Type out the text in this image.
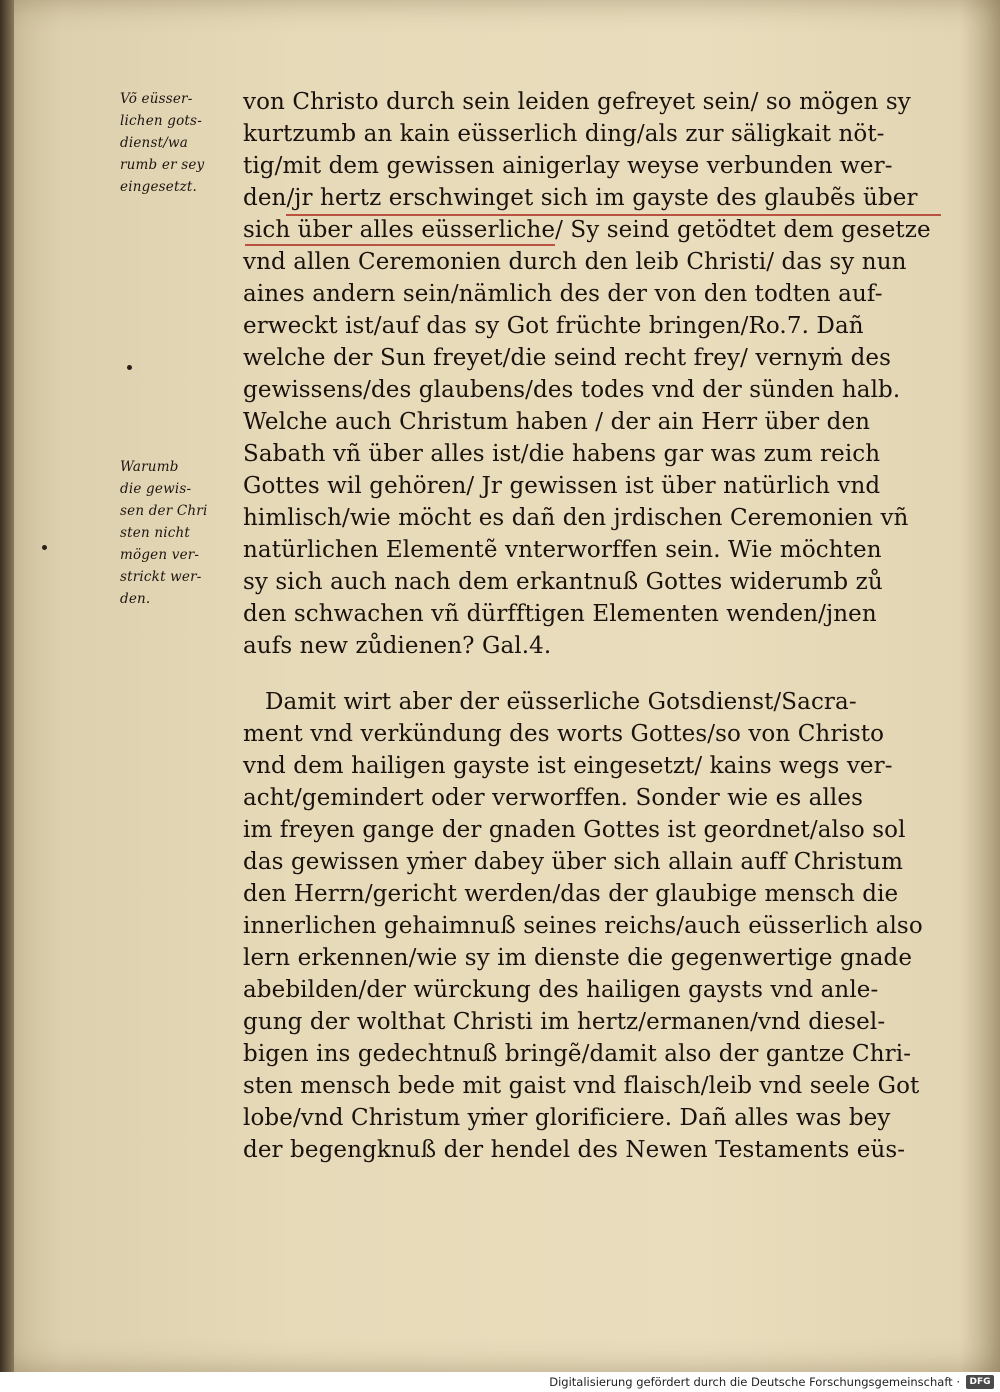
Võ eüsser-
lichen gots-
dienst/wa
rumb er sey
eingesetzt.
Warumb
die gewis-
sen der Chri
sten nicht
mögen ver-
strickt wer-
den.
von Christo durch sein leiden gefreyet sein/ so mögen sy
kurtzumb an kain eüsserlich ding/als zur säligkait nöt-
tig/mit dem gewissen ainigerlay weyse verbunden wer-
den/jr hertz erschwinget sich im gayste des glaubẽs über
sich über alles eüsserliche/ Sy seind getödtet dem gesetze
vnd allen Ceremonien durch den leib Christi/ das sy nun
aines andern sein/nämlich des der von den todten auf-
erweckt ist/auf das sy Got früchte bringen/Ro.7. Dañ
welche der Sun freyet/die seind recht frey/ vernyṁ des
gewissens/des glaubens/des todes vnd der sünden halb.
Welche auch Christum haben / der ain Herr über den
Sabath vñ über alles ist/die habens gar was zum reich
Gottes wil gehören/ Jr gewissen ist über natürlich vnd
himlisch/wie möcht es dañ den jrdischen Ceremonien vñ
natürlichen Elementẽ vnterworffen sein. Wie möchten
sy sich auch nach dem erkantnuß Gottes widerumb zů
den schwachen vñ dürfftigen Elementen wenden/jnen
aufs new zůdienen? Gal.4.
Damit wirt aber der eüsserliche Gotsdienst/Sacra-
ment vnd verkündung des worts Gottes/so von Christo
vnd dem hailigen gayste ist eingesetzt/ kains wegs ver-
acht/gemindert oder verworffen. Sonder wie es alles
im freyen gange der gnaden Gottes ist geordnet/also sol
das gewissen yṁer dabey über sich allain auff Christum
den Herrn/gericht werden/das der glaubige mensch die
innerlichen gehaimnuß seines reichs/auch eüsserlich also
lern erkennen/wie sy im dienste die gegenwertige gnade
abebilden/der würckung des hailigen gaysts vnd anle-
gung der wolthat Christi im hertz/ermanen/vnd diesel-
bigen ins gedechtnuß bringẽ/damit also der gantze Chri-
sten mensch bede mit gaist vnd flaisch/leib vnd seele Got
lobe/vnd Christum yṁer glorificiere. Dañ alles was bey
der begengknuß der hendel des Newen Testaments eüs-
Digitalisierung gefördert durch die Deutsche Forschungsgemeinschaft ·	DFG
